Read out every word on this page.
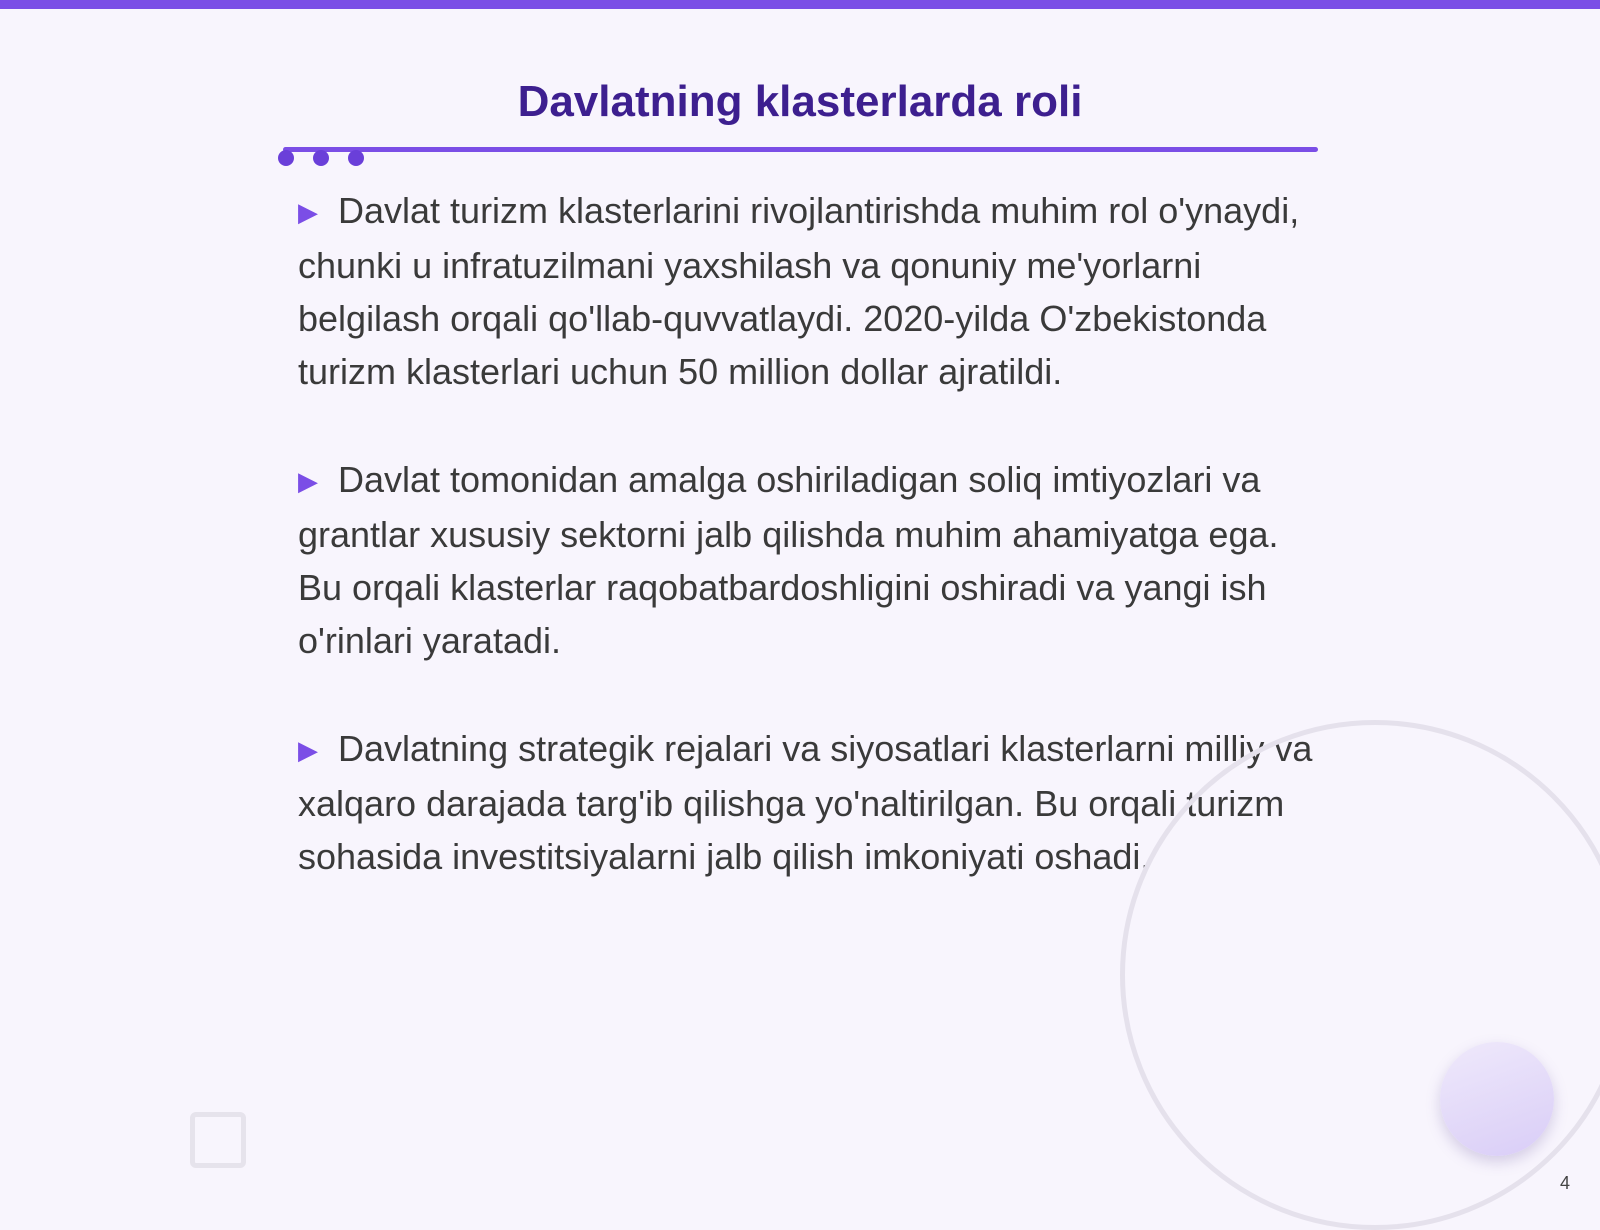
Davlatning klasterlarda roli

▶ Davlat turizm klasterlarini rivojlantirishda muhim rol o'ynaydi, chunki u infratuzilmani yaxshilash va qonuniy me'yorlarni belgilash orqali qo'llab-quvvatlaydi. 2020-yilda O'zbekistonda turizm klasterlari uchun 50 million dollar ajratildi.

▶ Davlat tomonidan amalga oshiriladigan soliq imtiyozlari va grantlar xususiy sektorni jalb qilishda muhim ahamiyatga ega. Bu orqali klasterlar raqobatbardoshligini oshiradi va yangi ish o'rinlari yaratadi.

▶ Davlatning strategik rejalari va siyosatlari klasterlarni milliy va xalqaro darajada targ'ib qilishga yo'naltirilgan. Bu orqali turizm sohasida investitsiyalarni jalb qilish imkoniyati oshadi.

4
